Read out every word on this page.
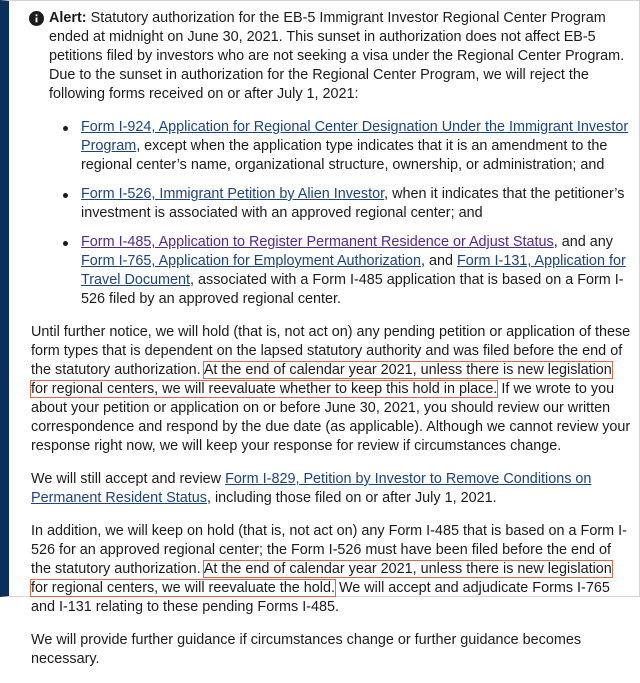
Alert: Statutory authorization for the EB-5 Immigrant Investor Regional Center Program ended at midnight on June 30, 2021. This sunset in authorization does not affect EB-5 petitions filed by investors who are not seeking a visa under the Regional Center Program. Due to the sunset in authorization for the Regional Center Program, we will reject the following forms received on or after July 1, 2021:

Form I-924, Application for Regional Center Designation Under the Immigrant Investor Program, except when the application type indicates that it is an amendment to the regional center’s name, organizational structure, ownership, or administration; and
Form I-526, Immigrant Petition by Alien Investor, when it indicates that the petitioner’s investment is associated with an approved regional center; and
Form I-485, Application to Register Permanent Residence or Adjust Status, and any Form I-765, Application for Employment Authorization, and Form I-131, Application for Travel Document, associated with a Form I-485 application that is based on a Form I-526 filed by an approved regional center.

Until further notice, we will hold (that is, not act on) any pending petition or application of these form types that is dependent on the lapsed statutory authority and was filed before the end of the statutory authorization. At the end of calendar year 2021, unless there is new legislation for regional centers, we will reevaluate whether to keep this hold in place. If we wrote to you about your petition or application on or before June 30, 2021, you should review our written correspondence and respond by the due date (as applicable). Although we cannot review your response right now, we will keep your response for review if circumstances change.

We will still accept and review Form I-829, Petition by Investor to Remove Conditions on Permanent Resident Status, including those filed on or after July 1, 2021.

In addition, we will keep on hold (that is, not act on) any Form I-485 that is based on a Form I-526 for an approved regional center; the Form I-526 must have been filed before the end of the statutory authorization. At the end of calendar year 2021, unless there is new legislation for regional centers, we will reevaluate the hold. We will accept and adjudicate Forms I-765 and I-131 relating to these pending Forms I-485.

We will provide further guidance if circumstances change or further guidance becomes necessary.
